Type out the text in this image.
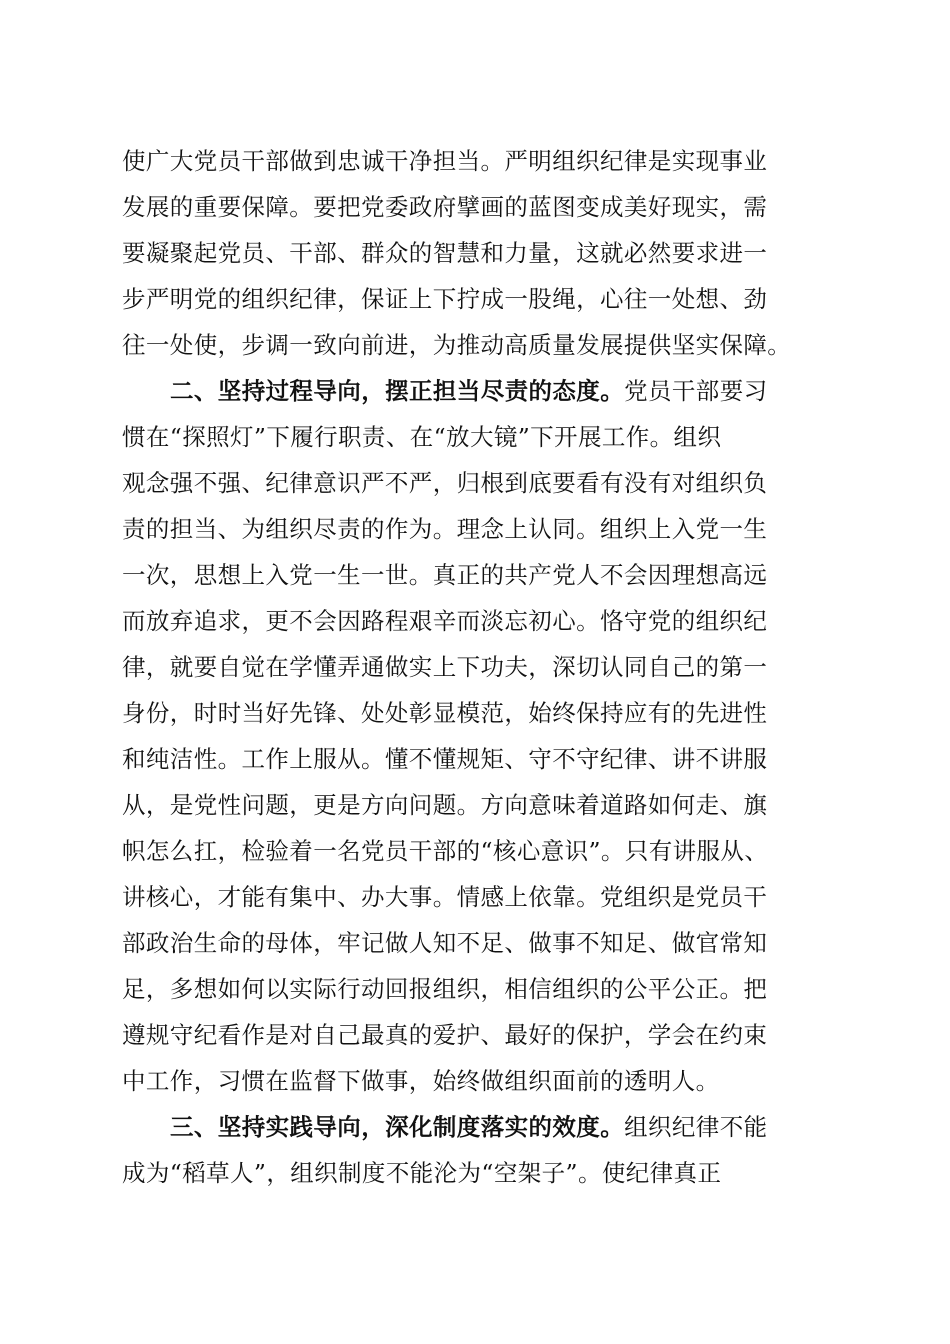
使广大党员干部做到忠诚干净担当。严明组织纪律是实现事业
发展的重要保障。要把党委政府擘画的蓝图变成美好现实，需
要凝聚起党员、干部、群众的智慧和力量，这就必然要求进一
步严明党的组织纪律，保证上下拧成一股绳，心往一处想、劲
往一处使，步调一致向前进，为推动高质量发展提供坚实保障。
二、坚持过程导向，摆正担当尽责的态度。党员干部要习
惯在“探照灯”下履行职责、在“放大镜”下开展工作。组织
观念强不强、纪律意识严不严，归根到底要看有没有对组织负
责的担当、为组织尽责的作为。理念上认同。组织上入党一生
一次，思想上入党一生一世。真正的共产党人不会因理想高远
而放弃追求，更不会因路程艰辛而淡忘初心。恪守党的组织纪
律，就要自觉在学懂弄通做实上下功夫，深切认同自己的第一
身份，时时当好先锋、处处彰显模范，始终保持应有的先进性
和纯洁性。工作上服从。懂不懂规矩、守不守纪律、讲不讲服
从，是党性问题，更是方向问题。方向意味着道路如何走、旗
帜怎么扛，检验着一名党员干部的“核心意识”。只有讲服从、
讲核心，才能有集中、办大事。情感上依靠。党组织是党员干
部政治生命的母体，牢记做人知不足、做事不知足、做官常知
足，多想如何以实际行动回报组织，相信组织的公平公正。把
遵规守纪看作是对自己最真的爱护、最好的保护，学会在约束
中工作，习惯在监督下做事，始终做组织面前的透明人。
三、坚持实践导向，深化制度落实的效度。组织纪律不能
成为“稻草人”，组织制度不能沦为“空架子”。使纪律真正
